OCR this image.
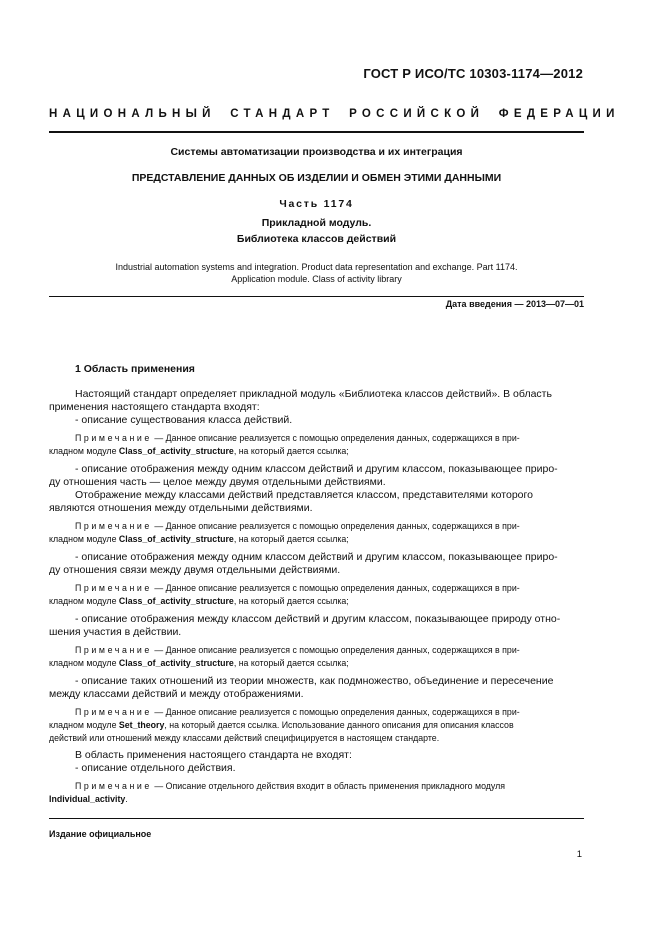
ГОСТ Р ИСО/ТС 10303-1174—2012
НАЦИОНАЛЬНЫЙ СТАНДАРТ РОССИЙСКОЙ ФЕДЕРАЦИИ
Системы автоматизации производства и их интеграция
ПРЕДСТАВЛЕНИЕ ДАННЫХ ОБ ИЗДЕЛИИ И ОБМЕН ЭТИМИ ДАННЫМИ
Часть 1174
Прикладной модуль.
Библиотека классов действий
Industrial automation systems and integration. Product data representation and exchange. Part 1174.
Application module. Class of activity library
Дата введения — 2013—07—01
1 Область применения
Настоящий стандарт определяет прикладной модуль «Библиотека классов действий». В область
применения настоящего стандарта входят:
- описание существования класса действий.
Примечание — Данное описание реализуется с помощью определения данных, содержащихся в при-
кладном модуле Class_of_activity_structure, на который дается ссылка;
- описание отображения между одним классом действий и другим классом, показывающее приро-
ду отношения часть — целое между двумя отдельными действиями.
Отображение между классами действий представляется классом, представителями которого
являются отношения между отдельными действиями.
Примечание — Данное описание реализуется с помощью определения данных, содержащихся в при-
кладном модуле Class_of_activity_structure, на который дается ссылка;
- описание отображения между одним классом действий и другим классом, показывающее приро-
ду отношения связи между двумя отдельными действиями.
Примечание — Данное описание реализуется с помощью определения данных, содержащихся в при-
кладном модуле Class_of_activity_structure, на который дается ссылка;
- описание отображения между классом действий и другим классом, показывающее природу отно-
шения участия в действии.
Примечание — Данное описание реализуется с помощью определения данных, содержащихся в при-
кладном модуле Class_of_activity_structure, на который дается ссылка;
- описание таких отношений из теории множеств, как подмножество, объединение и пересечение
между классами действий и между отображениями.
Примечание — Данное описание реализуется с помощью определения данных, содержащихся в при-
кладном модуле Set_theory, на который дается ссылка. Использование данного описания для описания классов
действий или отношений между классами действий специфицируется в настоящем стандарте.
В область применения настоящего стандарта не входят:
- описание отдельного действия.
Примечание — Описание отдельного действия входит в область применения прикладного модуля
Individual_activity.
Издание официальное
1
